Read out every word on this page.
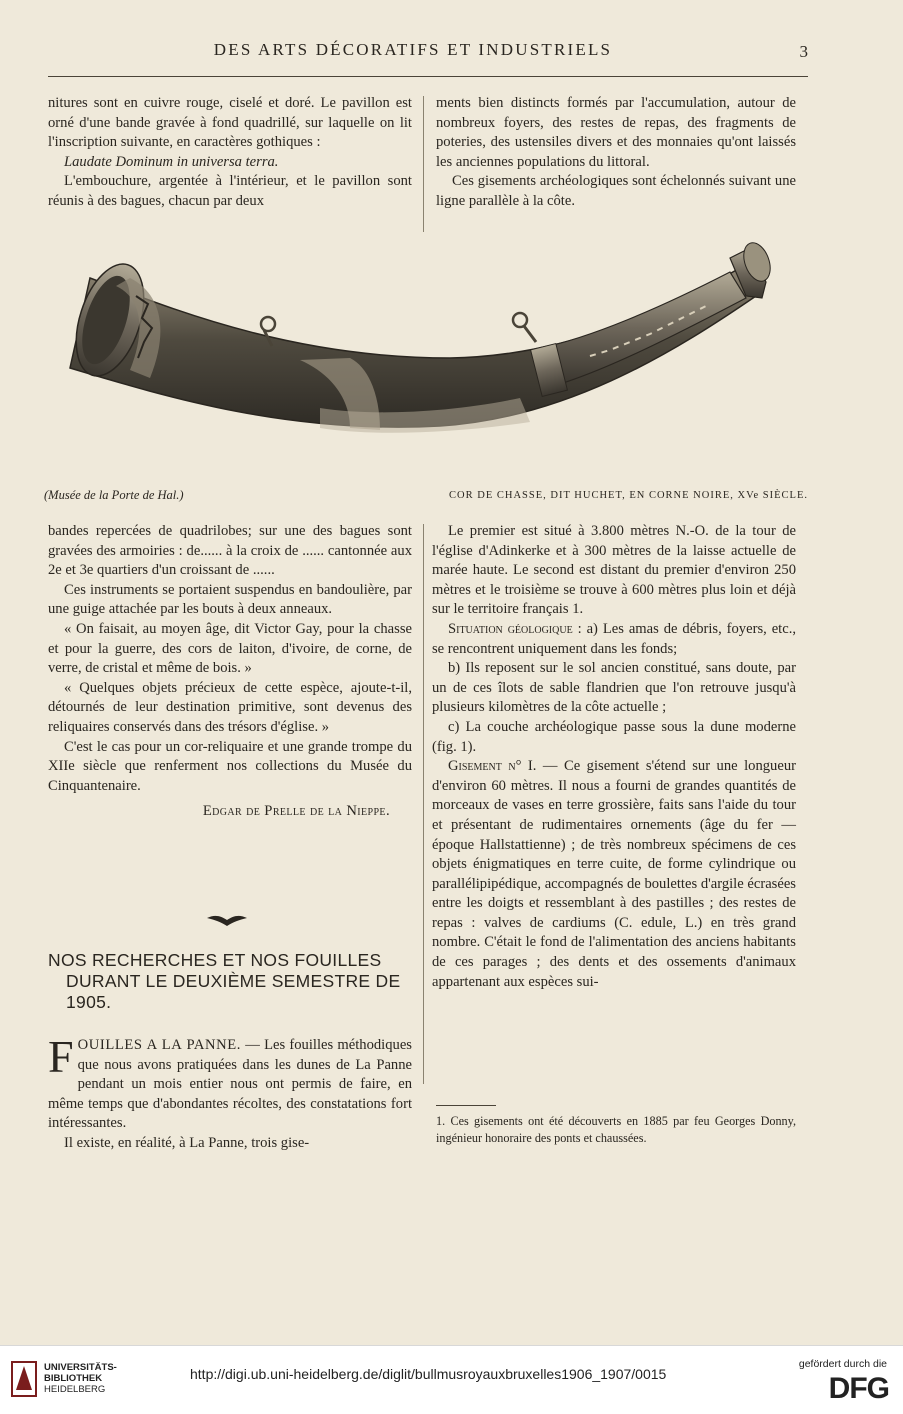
DES ARTS DÉCORATIFS ET INDUSTRIELS	3

nitures sont en cuivre rouge, ciselé et doré. Le pavillon est orné d'une bande gravée à fond quadrillé, sur laquelle on lit l'inscription suivante, en caractères gothiques :

Laudate Dominum in universa terra.

L'embouchure, argentée à l'intérieur, et le pavillon sont réunis à des bagues, chacun par deux

ments bien distincts formés par l'accumulation, autour de nombreux foyers, des restes de repas, des fragments de poteries, des ustensiles divers et des monnaies qu'ont laissés les anciennes populations du littoral.

Ces gisements archéologiques sont échelonnés suivant une ligne parallèle à la côte.

(Musée de la Porte de Hal.)	COR DE CHASSE, DIT HUCHET, EN CORNE NOIRE, XVe SIÈCLE.

bandes repercées de quadrilobes; sur une des bagues sont gravées des armoiries : de...... à la croix de ...... cantonnée aux 2e et 3e quartiers d'un croissant de ......

Ces instruments se portaient suspendus en bandoulière, par une guige attachée par les bouts à deux anneaux.

« On faisait, au moyen âge, dit Victor Gay, pour la chasse et pour la guerre, des cors de laiton, d'ivoire, de corne, de verre, de cristal et même de bois. »

« Quelques objets précieux de cette espèce, ajoute-t-il, détournés de leur destination primitive, sont devenus des reliquaires conservés dans des trésors d'église. »

C'est le cas pour un cor-reliquaire et une grande trompe du XIIe siècle que renferment nos collections du Musée du Cinquantenaire.

Edgar de Prelle de la Nieppe.

NOS RECHERCHES ET NOS FOUILLES
DURANT LE DEUXIÈME SEMESTRE DE 1905.

FOUILLES A LA PANNE. — Les fouilles méthodiques que nous avons pratiquées dans les dunes de La Panne pendant un mois entier nous ont permis de faire, en même temps que d'abondantes récoltes, des constatations fort intéressantes.

Il existe, en réalité, à La Panne, trois gise-

Le premier est situé à 3.800 mètres N.-O. de la tour de l'église d'Adinkerke et à 300 mètres de la laisse actuelle de marée haute. Le second est distant du premier d'environ 250 mètres et le troisième se trouve à 600 mètres plus loin et déjà sur le territoire français 1.

Situation géologique : a) Les amas de débris, foyers, etc., se rencontrent uniquement dans les fonds;

b) Ils reposent sur le sol ancien constitué, sans doute, par un de ces îlots de sable flandrien que l'on retrouve jusqu'à plusieurs kilomètres de la côte actuelle ;

c) La couche archéologique passe sous la dune moderne (fig. 1).

Gisement n° I. — Ce gisement s'étend sur une longueur d'environ 60 mètres. Il nous a fourni de grandes quantités de morceaux de vases en terre grossière, faits sans l'aide du tour et présentant de rudimentaires ornements (âge du fer — époque Hallstattienne) ; de très nombreux spécimens de ces objets énigmatiques en terre cuite, de forme cylindrique ou parallélipipédique, accompagnés de boulettes d'argile écrasées entre les doigts et ressemblant à des pastilles ; des restes de repas : valves de cardiums (C. edule, L.) en très grand nombre. C'était le fond de l'alimentation des anciens habitants de ces parages ; des dents et des ossements d'animaux appartenant aux espèces sui-

1. Ces gisements ont été découverts en 1885 par feu Georges Donny, ingénieur honoraire des ponts et chaussées.
UNIVERSITÄTS-
BIBLIOTHEK
HEIDELBERG
http://digi.ub.uni-heidelberg.de/diglit/bullmusroyauxbruxelles1906_1907/0015
gefördert durch die
DFG
